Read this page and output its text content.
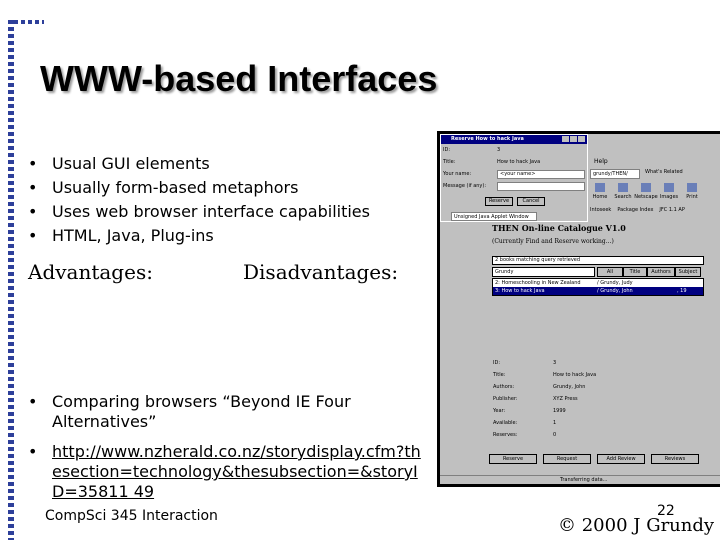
WWW-based Interfaces
• Usual GUI elements
• Usually form-based metaphors
• Uses web browser interface capabilities
• HTML, Java, Plug-ins
Advantages:	Disadvantages:
• Comparing browsers “Beyond IE Four Alternatives”
• http://www.nzherald.co.nz/storydisplay.cfm?thesection=technology&thesubsection=&storyID=35811 49
CompSci 345 Interaction	22
© 2000 J Grundy
Help
grundy/THEN/	What's Related
Home Search Netscape Images Print
Intoseek Package Index JFC 1.1 AP
Reserve How to hack Java
ID:	3
Title:	How to hack Java
Your name:	<your name>
Message (if any):
Reserve	Cancel
Unsigned Java Applet Window
THEN On-line Catalogue V1.0
(Currently Find and Reserve working...)
2 books matching query retrieved
Grundy	All	Title	Authors	Subject
2: Homeschooling in New Zealand	/ Grundy, Judy
3: How to hack Java	/ Grundy, John	, 19
ID:	3
Title:	How to hack Java
Authors:	Grundy, John
Publisher:	XYZ Press
Year:	1999
Available:	1
Reserves:	0
Reserve	Request	Add Review	Reviews
Transferring data...
